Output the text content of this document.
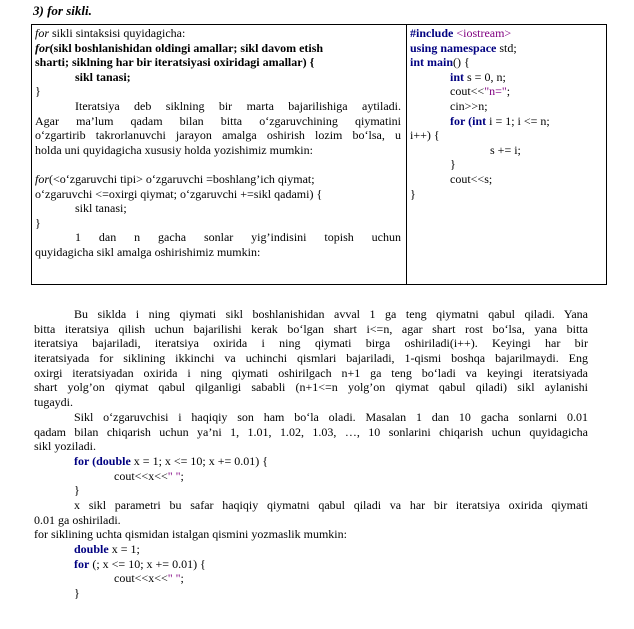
3) for sikli.
for sikli sintaksisi quyidagicha:
for(sikl boshlanishidan oldingi amallar; sikl davom etish
sharti; siklning har bir iteratsiyasi oxiridagi amallar) {
sikl tanasi;
}
Iteratsiya deb siklning bir marta bajarilishiga aytiladi.
Agar ma’lum qadam bilan bitta o‘zgaruvchining qiymatini
o‘zgartirib takrorlanuvchi jarayon amalga oshirish lozim bo‘lsa, u
holda uni quyidagicha xususiy holda yozishimiz mumkin:
for(<o‘zgaruvchi tipi> o‘zgaruvchi =boshlang’ich qiymat;
o‘zgaruvchi <=oxirgi qiymat; o‘zgaruvchi +=sikl qadami) {
sikl tanasi;
}
1 dan n gacha sonlar yig’indisini topish uchun
quyidagicha sikl amalga oshirishimiz mumkin:
#include <iostream>
using namespace std;
int main() {
int s = 0, n;
cout<<"n=";
cin>>n;
for (int i = 1; i <= n;
i++) {
s += i;
}
cout<<s;
}
Bu siklda i ning qiymati sikl boshlanishidan avval 1 ga teng qiymatni qabul qiladi. Yana
bitta iteratsiya qilish uchun bajarilishi kerak bo‘lgan shart i<=n, agar shart rost bo‘lsa, yana bitta
iteratsiya bajariladi, iteratsiya oxirida i ning qiymati birga oshiriladi(i++). Keyingi har bir
iteratsiyada for siklining ikkinchi va uchinchi qismlari bajariladi, 1-qismi boshqa bajarilmaydi. Eng
oxirgi iteratsiyadan oxirida i ning qiymati oshirilgach n+1 ga teng bo‘ladi va keyingi iteratsiyada
shart yolg’on qiymat qabul qilganligi sababli (n+1<=n yolg’on qiymat qabul qiladi) sikl aylanishi
tugaydi.
Sikl o‘zgaruvchisi i haqiqiy son ham bo‘la oladi. Masalan 1 dan 10 gacha sonlarni 0.01
qadam bilan chiqarish uchun ya’ni 1, 1.01, 1.02, 1.03, …, 10 sonlarini chiqarish uchun quyidagicha
sikl yoziladi.
for (double x = 1; x <= 10; x += 0.01) {
cout<<x<<" ";
}
x sikl parametri bu safar haqiqiy qiymatni qabul qiladi va har bir iteratsiya oxirida qiymati
0.01 ga oshiriladi.
for siklining uchta qismidan istalgan qismini yozmaslik mumkin:
double x = 1;
for (; x <= 10; x += 0.01) {
cout<<x<<" ";
}
